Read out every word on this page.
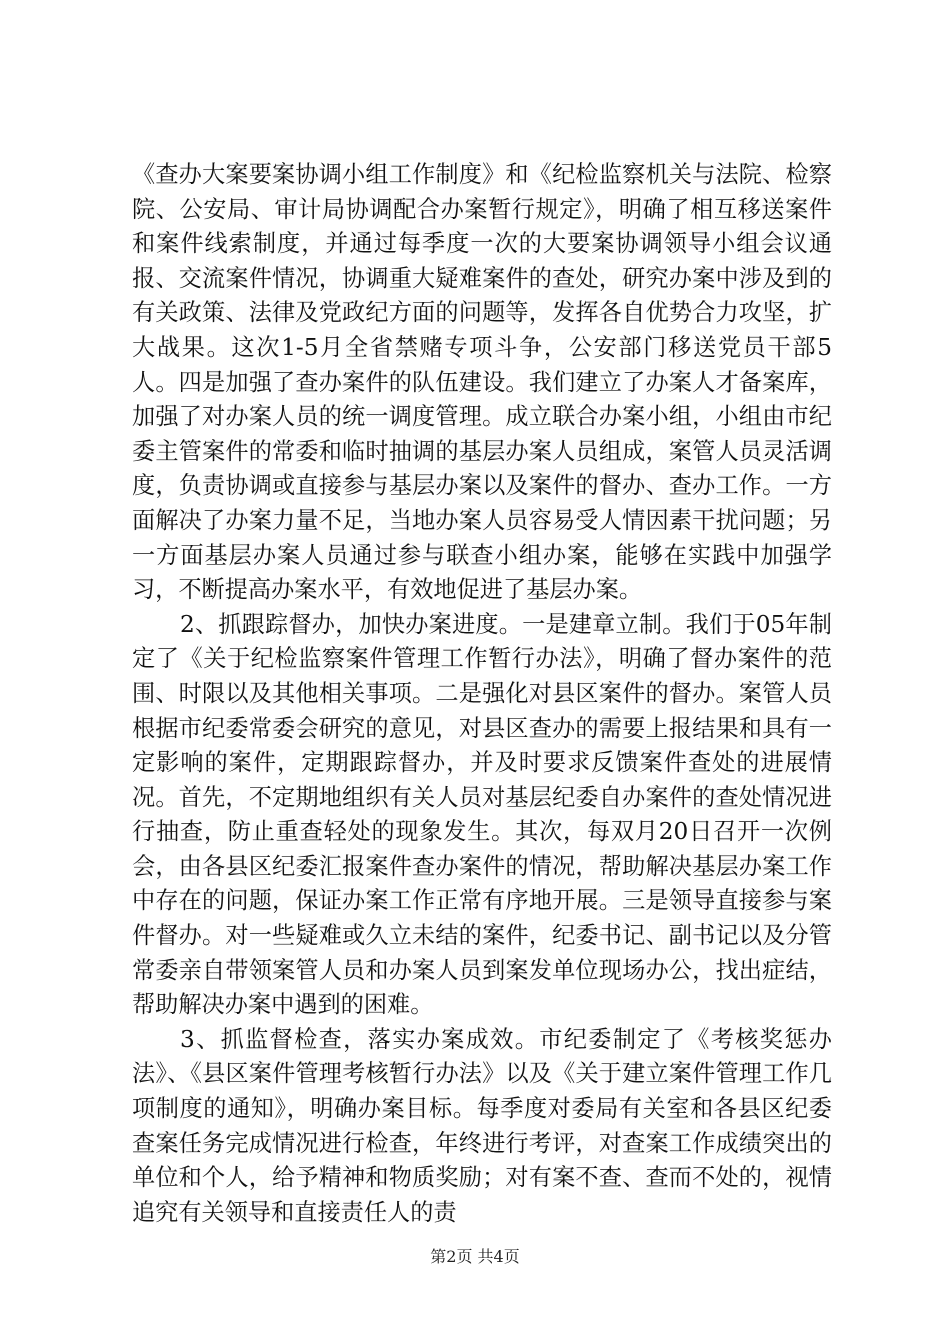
《查办大案要案协调小组工作制度》和《纪检监察机关与法院、检察院、公安局、审计局协调配合办案暂行规定》，明确了相互移送案件和案件线索制度，并通过每季度一次的大要案协调领导小组会议通报、交流案件情况，协调重大疑难案件的查处，研究办案中涉及到的有关政策、法律及党政纪方面的问题等，发挥各自优势合力攻坚，扩大战果。这次1-5月全省禁赌专项斗争，公安部门移送党员干部5人。四是加强了查办案件的队伍建设。我们建立了办案人才备案库，加强了对办案人员的统一调度管理。成立联合办案小组，小组由市纪委主管案件的常委和临时抽调的基层办案人员组成，案管人员灵活调度，负责协调或直接参与基层办案以及案件的督办、查办工作。一方面解决了办案力量不足，当地办案人员容易受人情因素干扰问题；另一方面基层办案人员通过参与联查小组办案，能够在实践中加强学习，不断提高办案水平，有效地促进了基层办案。

2、抓跟踪督办，加快办案进度。一是建章立制。我们于05年制定了《关于纪检监察案件管理工作暂行办法》，明确了督办案件的范围、时限以及其他相关事项。二是强化对县区案件的督办。案管人员根据市纪委常委会研究的意见，对县区查办的需要上报结果和具有一定影响的案件，定期跟踪督办，并及时要求反馈案件查处的进展情况。首先，不定期地组织有关人员对基层纪委自办案件的查处情况进行抽查，防止重查轻处的现象发生。其次，每双月20日召开一次例会，由各县区纪委汇报案件查办案件的情况，帮助解决基层办案工作中存在的问题，保证办案工作正常有序地开展。三是领导直接参与案件督办。对一些疑难或久立未结的案件，纪委书记、副书记以及分管常委亲自带领案管人员和办案人员到案发单位现场办公，找出症结，帮助解决办案中遇到的困难。

3、抓监督检查，落实办案成效。市纪委制定了《考核奖惩办法》、《县区案件管理考核暂行办法》以及《关于建立案件管理工作几项制度的通知》，明确办案目标。每季度对委局有关室和各县区纪委查案任务完成情况进行检查，年终进行考评，对查案工作成绩突出的单位和个人，给予精神和物质奖励；对有案不查、查而不处的，视情追究有关领导和直接责任人的责

第2页 共4页
